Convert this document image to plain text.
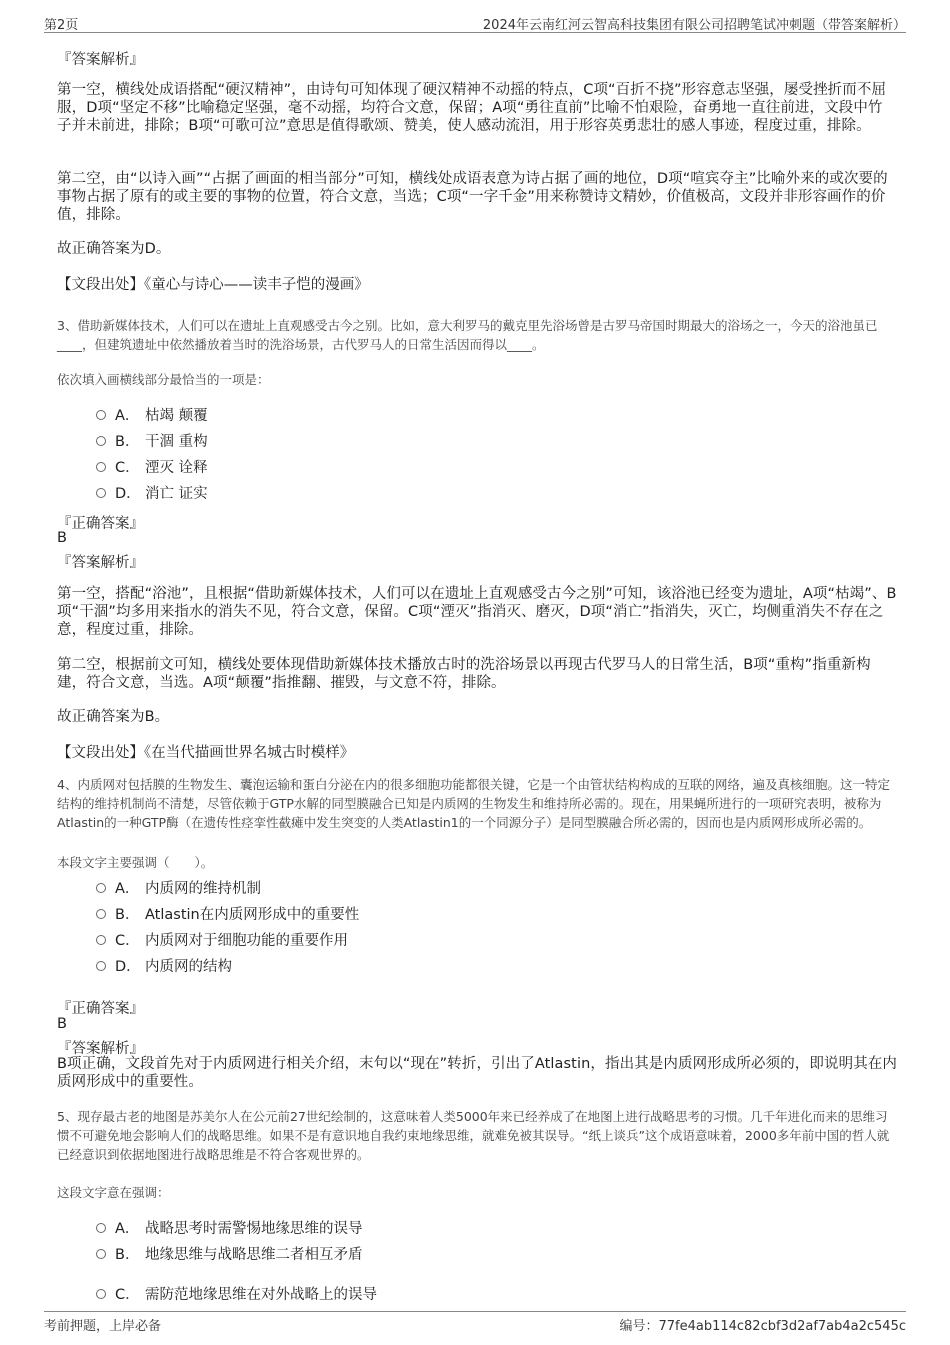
第2页	2024年云南红河云智高科技集团有限公司招聘笔试冲刺题（带答案解析）
『答案解析』
第一空，横线处成语搭配“硬汉精神”，由诗句可知体现了硬汉精神不动摇的特点，C项“百折不挠”形容意志坚强，屡受挫折而不屈服，D项“坚定不移”比喻稳定坚强，毫不动摇，均符合文意，保留；A项“勇往直前”比喻不怕艰险，奋勇地一直往前进，文段中竹子并未前进，排除；B项“可歌可泣”意思是值得歌颂、赞美，使人感动流泪，用于形容英勇悲壮的感人事迹，程度过重，排除。
第二空，由“以诗入画”“占据了画面的相当部分”可知，横线处成语表意为诗占据了画的地位，D项“喧宾夺主”比喻外来的或次要的事物占据了原有的或主要的事物的位置，符合文意，当选；C项“一字千金”用来称赞诗文精妙，价值极高，文段并非形容画作的价值，排除。
故正确答案为D。
【文段出处】《童心与诗心——读丰子恺的漫画》
3、借助新媒体技术，人们可以在遗址上直观感受古今之别。比如，意大利罗马的戴克里先浴场曾是古罗马帝国时期最大的浴场之一，今天的浴池虽已____，但建筑遗址中依然播放着当时的洗浴场景，古代罗马人的日常生活因而得以____。
依次填入画横线部分最恰当的一项是：
A． 枯竭 颠覆
B． 干涸 重构
C． 湮灭 诠释
D． 消亡 证实
『正确答案』
B
『答案解析』
第一空，搭配“浴池”，且根据“借助新媒体技术，人们可以在遗址上直观感受古今之别”可知，该浴池已经变为遗址，A项“枯竭”、B项“干涸”均多用来指水的消失不见，符合文意，保留。C项“湮灭”指消灭、磨灭，D项“消亡”指消失，灭亡，均侧重消失不存在之意，程度过重，排除。
第二空，根据前文可知，横线处要体现借助新媒体技术播放古时的洗浴场景以再现古代罗马人的日常生活，B项“重构”指重新构建，符合文意，当选。A项“颠覆”指推翻、摧毁，与文意不符，排除。
故正确答案为B。
【文段出处】《在当代描画世界名城古时模样》
4、内质网对包括膜的生物发生、囊泡运输和蛋白分泌在内的很多细胞功能都很关键，它是一个由管状结构构成的互联的网络，遍及真核细胞。这一特定结构的维持机制尚不清楚，尽管依赖于GTP水解的同型膜融合已知是内质网的生物发生和维持所必需的。现在，用果蝇所进行的一项研究表明，被称为Atlastin的一种GTP酶（在遗传性痉挛性截瘫中发生突变的人类Atlastin1的一个同源分子）是同型膜融合所必需的，因而也是内质网形成所必需的。
本段文字主要强调（　　）。
A． 内质网的维持机制
B． Atlastin在内质网形成中的重要性
C． 内质网对于细胞功能的重要作用
D． 内质网的结构
『正确答案』
B
『答案解析』
B项正确，文段首先对于内质网进行相关介绍，末句以“现在”转折，引出了Atlastin，指出其是内质网形成所必须的，即说明其在内质网形成中的重要性。
5、现存最古老的地图是苏美尔人在公元前27世纪绘制的，这意味着人类5000年来已经养成了在地图上进行战略思考的习惯。几千年进化而来的思维习惯不可避免地会影响人们的战略思维。如果不是有意识地自我约束地缘思维，就难免被其误导。“纸上谈兵”这个成语意味着，2000多年前中国的哲人就已经意识到依据地图进行战略思维是不符合客观世界的。
这段文字意在强调：
A． 战略思考时需警惕地缘思维的误导
B． 地缘思维与战略思维二者相互矛盾
C． 需防范地缘思维在对外战略上的误导
考前押题，上岸必备	编号：77fe4ab114c82cbf3d2af7ab4a2c545c
